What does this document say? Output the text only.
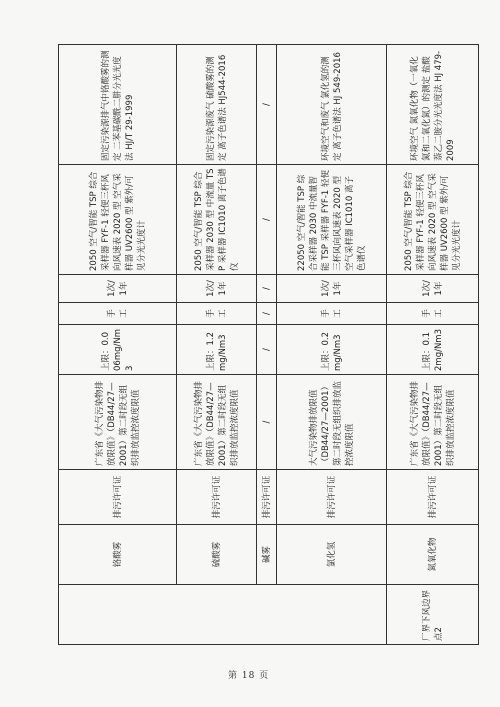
	铬酸雾	排污许可证	广东省《大气污染物排放限值》（DB44/27—2001）第二时段无组织排放监控浓度限值	上限：0.006mg/Nm3	手工	1次/1年	2050 空气/智能 TSP 综合采样器 FYF-1 轻便三杯风向风速表 2020 型 空气采样器 UV2600 型 紫外/可见分光光度计	固定污染源排气中铬酸雾的测定 二苯基碳酰二肼分光光度法 HJ/T 29-1999
	硫酸雾	排污许可证	广东省《大气污染物排放限值》（DB44/27—2001）第二时段无组织排放监控浓度限值	上限：1.2mg/Nm3	手工	1次/1年	2050 空气/智能 TSP 综合采样器 2030 型 中流量 TSP 采样器 IC1010 离子色谱仪	固定污染源废气 硫酸雾的测定 离子色谱法 HJ544-2016
	碱雾	排污许可证	/	/	/	/	/	/
	氯化氢	排污许可证	大气污染物排放限值（DB44/27—2001）第二时段无组织排放监控浓度限值	上限：0.2mg/Nm3	手工	1次/1年	22050 空气/智能 TSP 综合采样器 2030 中流量智能 TSP 采样器 FYF-1 轻便三杯风向风速表 2020 型 空气采样器 IC1010 离子色谱仪	环境空气和废气 氯化氢的测定 离子色谱法 HJ 549-2016
厂界下风边界点2	氮氧化物	排污许可证	广东省《大气污染物排放限值》（DB44/27—2001）第二时段无组织排放监控浓度限值	上限：0.12mg/Nm3	手工	1次/1年	2050 空气/智能 TSP 综合采样器 FYF-1 轻便三杯风向风速表 2020 型 空气采样器 UV2600 型 紫外/可见分光光度计	环境空气 氮氧化物（一氧化氮和二氧化氮）的测定 盐酸萘乙二胺分光光度法 HJ 479-2009
第 18 页
